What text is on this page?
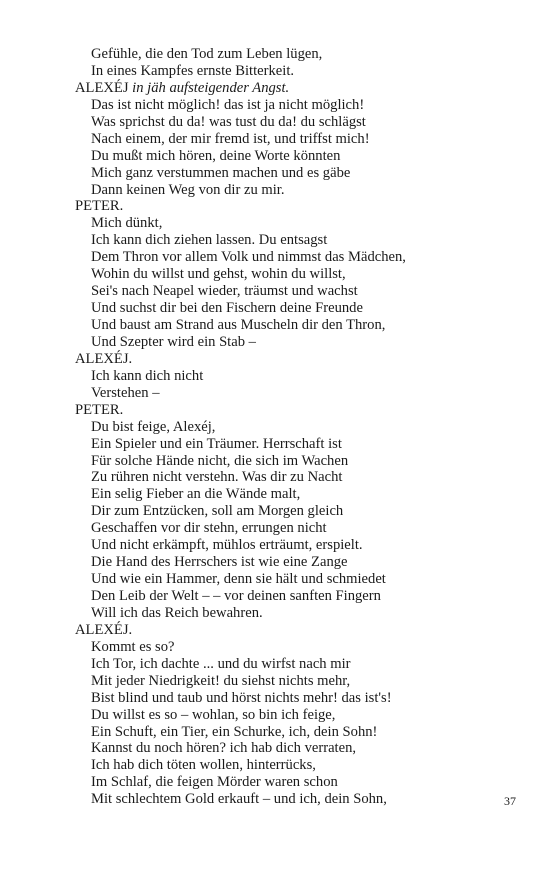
Gefühle, die den Tod zum Leben lügen,
In eines Kampfes ernste Bitterkeit.
ALEXÉJ in jäh aufsteigender Angst.
Das ist nicht möglich! das ist ja nicht möglich!
Was sprichst du da! was tust du da! du schlägst
Nach einem, der mir fremd ist, und triffst mich!
Du mußt mich hören, deine Worte könnten
Mich ganz verstummen machen und es gäbe
Dann keinen Weg von dir zu mir.
PETER.
Mich dünkt,
Ich kann dich ziehen lassen. Du entsagst
Dem Thron vor allem Volk und nimmst das Mädchen,
Wohin du willst und gehst, wohin du willst,
Sei's nach Neapel wieder, träumst und wachst
Und suchst dir bei den Fischern deine Freunde
Und baust am Strand aus Muscheln dir den Thron,
Und Szepter wird ein Stab –
ALEXÉJ.
Ich kann dich nicht
Verstehen –
PETER.
Du bist feige, Alexéj,
Ein Spieler und ein Träumer. Herrschaft ist
Für solche Hände nicht, die sich im Wachen
Zu rühren nicht verstehn. Was dir zu Nacht
Ein selig Fieber an die Wände malt,
Dir zum Entzücken, soll am Morgen gleich
Geschaffen vor dir stehn, errungen nicht
Und nicht erkämpft, mühlos erträumt, erspielt.
Die Hand des Herrschers ist wie eine Zange
Und wie ein Hammer, denn sie hält und schmiedet
Den Leib der Welt – – vor deinen sanften Fingern
Will ich das Reich bewahren.
ALEXÉJ.
Kommt es so?
Ich Tor, ich dachte ... und du wirfst nach mir
Mit jeder Niedrigkeit! du siehst nichts mehr,
Bist blind und taub und hörst nichts mehr! das ist's!
Du willst es so – wohlan, so bin ich feige,
Ein Schuft, ein Tier, ein Schurke, ich, dein Sohn!
Kannst du noch hören? ich hab dich verraten,
Ich hab dich töten wollen, hinterrücks,
Im Schlaf, die feigen Mörder waren schon
Mit schlechtem Gold erkauft – und ich, dein Sohn,	37
